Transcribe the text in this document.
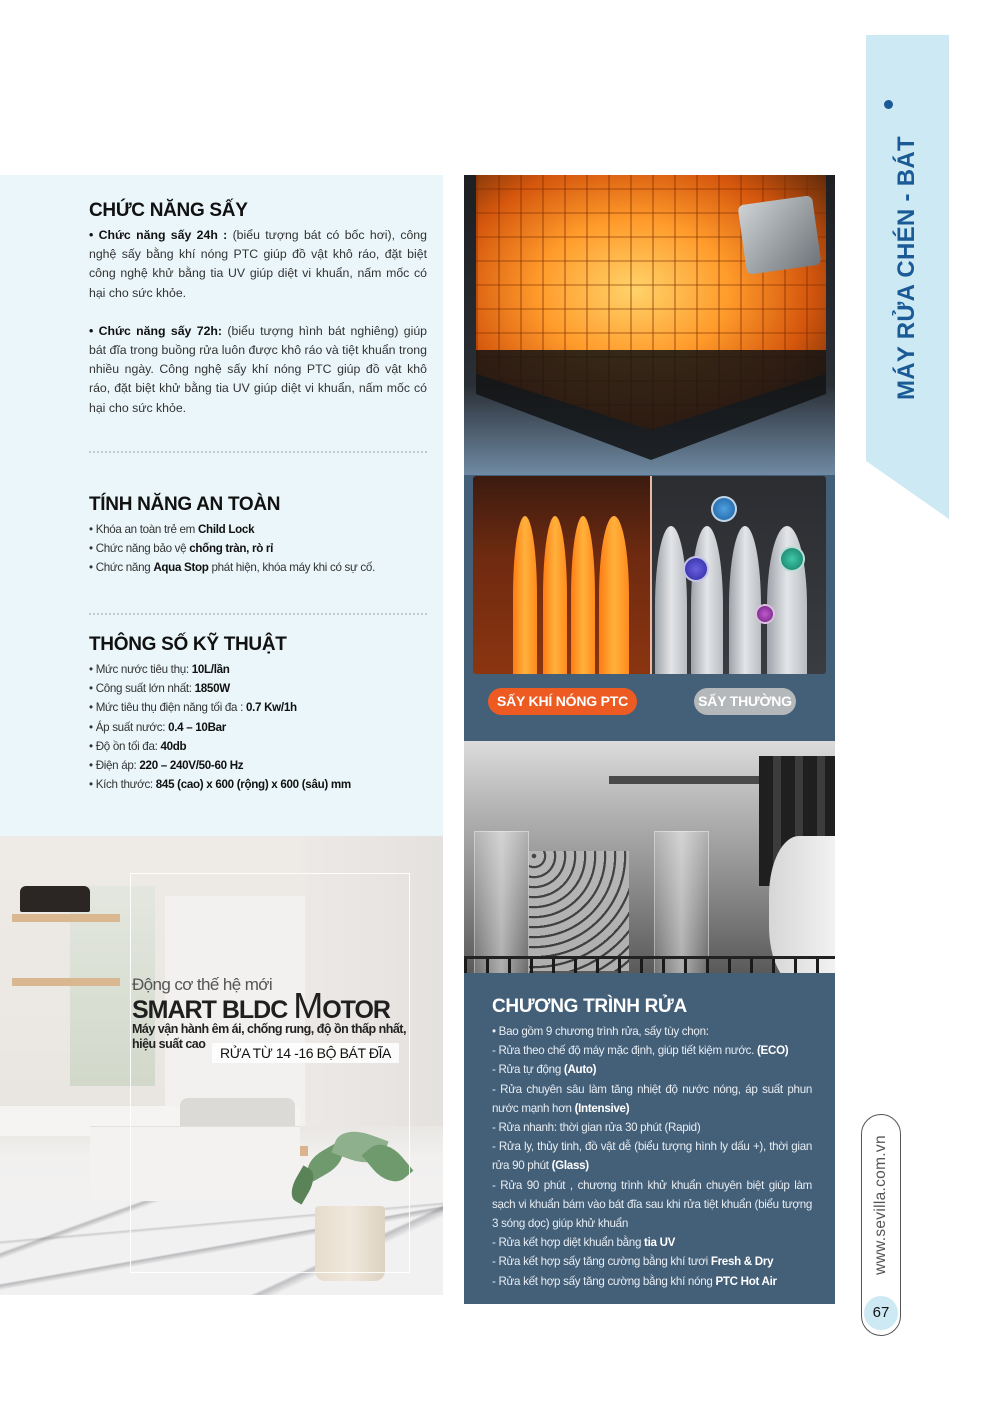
CHỨC NĂNG SẤY

• Chức năng sấy 24h : (biểu tượng bát có bốc hơi), công nghệ sấy bằng khí nóng PTC giúp đồ vật khô ráo, đặt biệt công nghệ khử bằng tia UV giúp diệt vi khuẩn, nấm mốc có hại cho sức khỏe.

• Chức năng sấy 72h: (biểu tượng hình bát nghiêng) giúp bát đĩa trong buồng rửa luôn được khô ráo và tiệt khuẩn trong nhiều ngày. Công nghệ sấy khí nóng PTC giúp đồ vật khô ráo, đặt biệt khử bằng tia UV giúp diệt vi khuẩn, nấm mốc có hại cho sức khỏe.

TÍNH NĂNG AN TOÀN
• Khóa an toàn trẻ em Child Lock
• Chức năng bảo vệ chống tràn, rò rỉ
• Chức năng Aqua Stop phát hiện, khóa máy khi có sự cố.
THÔNG SỐ KỸ THUẬT
• Mức nước tiêu thụ: 10L/lần
• Công suất lớn nhất: 1850W
• Mức tiêu thụ điện năng tối đa : 0.7 Kw/1h
• Áp suất nước: 0.4 – 10Bar
• Độ ồn tối đa: 40db
• Điện áp: 220 – 240V/50-60 Hz
• Kích thước: 845 (cao) x 600 (rộng) x 600 (sâu) mm
Động cơ thế hệ mới
SMART BLDC MOTOR
Máy vận hành êm ái, chống rung, độ ồn thấp nhất, hiệu suất cao
RỬA TỪ 14 -16 BỘ BÁT ĐĨA
SẤY KHÍ NÓNG PTC	SẤY THƯỜNG
CHƯƠNG TRÌNH RỬA
• Bao gồm 9 chương trình rửa, sấy tùy chọn:
- Rửa theo chế độ máy mặc định, giúp tiết kiệm nước. (ECO)
- Rửa tự động (Auto)
- Rửa chuyên sâu làm tăng nhiệt độ nước nóng, áp suất phun nước mạnh hơn (Intensive)
- Rửa nhanh: thời gian rửa 30 phút (Rapid)
- Rửa ly, thủy tinh, đồ vật dễ (biểu tượng hình ly dấu +), thời gian rửa 90 phút (Glass)
- Rửa 90 phút , chương trình khử khuẩn chuyên biệt giúp làm sạch vi khuẩn bám vào bát đĩa sau khi rửa tiệt khuẩn (biểu tượng 3 sóng dọc) giúp khử khuẩn
- Rửa kết hợp diệt khuẩn bằng tia UV
- Rửa kết hợp sấy tăng cường bằng khí tươi Fresh & Dry
- Rửa kết hợp sấy tăng cường bằng khí nóng PTC Hot Air
MÁY RỬA CHÉN - BÁT
www.sevilla.com.vn
67
